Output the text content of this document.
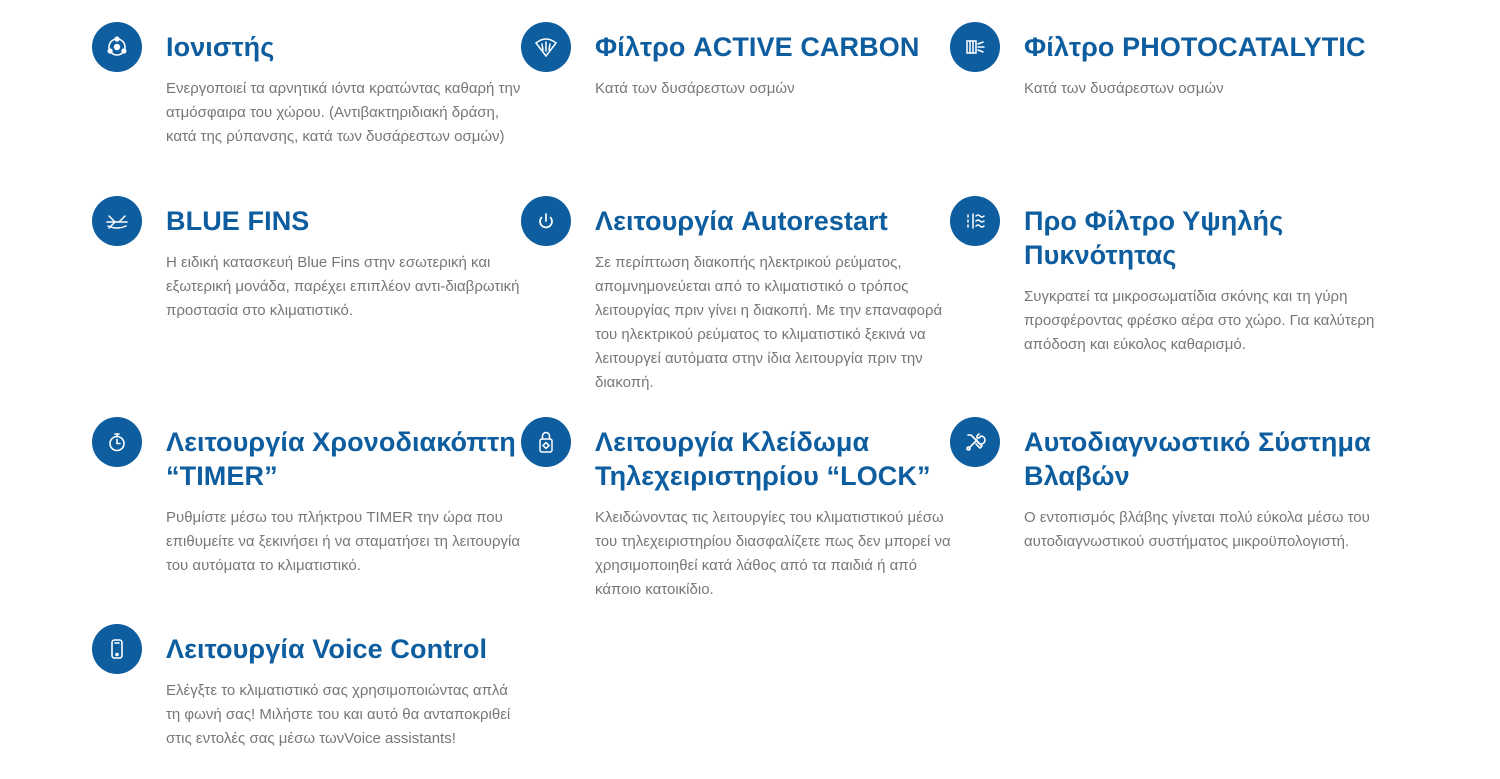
Ιονιστής

Ενεργοποιεί τα αρνητικά ιόντα κρατώντας καθαρή την ατμόσφαιρα του χώρου. (Αντιβακτηριδιακή δράση, κατά της ρύπανσης, κατά των δυσάρεστων οσμών)

Φίλτρο ACTIVE CARBON

Κατά των δυσάρεστων οσμών

Φίλτρο PHOTOCATALYTIC

Κατά των δυσάρεστων οσμών

BLUE FINS

Η ειδική κατασκευή Blue Fins στην εσωτερική και εξωτερική μονάδα, παρέχει επιπλέον αντι-διαβρωτική προστασία στο κλιματιστικό.

Λειτουργία Autorestart

Σε περίπτωση διακοπής ηλεκτρικού ρεύματος, απομνημονεύεται από το κλιματιστικό ο τρόπος λειτουργίας πριν γίνει η διακοπή. Με την επαναφορά του ηλεκτρικού ρεύματος το κλιματιστικό ξεκινά να λειτουργεί αυτόματα στην ίδια λειτουργία πριν την διακοπή.

Προ Φίλτρο Υψηλής Πυκνότητας

Συγκρατεί τα μικροσωματίδια σκόνης και τη γύρη προσφέροντας φρέσκο αέρα στο χώρο. Για καλύτερη απόδοση και εύκολος καθαρισμό.

Λειτουργία Χρονοδιακόπτη “TIMER”

Ρυθμίστε μέσω του πλήκτρου TIMER την ώρα που επιθυμείτε να ξεκινήσει ή να σταματήσει τη λειτουργία του αυτόματα το κλιματιστικό.

Λειτουργία Κλείδωμα Τηλεχειριστηρίου “LOCK”

Κλειδώνοντας τις λειτουργίες του κλιματιστικού μέσω του τηλεχειριστηρίου διασφαλίζετε πως δεν μπορεί να χρησιμοποιηθεί κατά λάθος από τα παιδιά ή από κάποιο κατοικίδιο.

Αυτοδιαγνωστικό Σύστημα Βλαβών

Ο εντοπισμός βλάβης γίνεται πολύ εύκολα μέσω του αυτοδιαγνωστικού συστήματος μικροϋπολογιστή.

Λειτουργία Voice Control

Ελέγξτε το κλιματιστικό σας χρησιμοποιώντας απλά τη φωνή σας! Μιλήστε του και αυτό θα ανταποκριθεί στις εντολές σας μέσω τωνVoice assistants!
